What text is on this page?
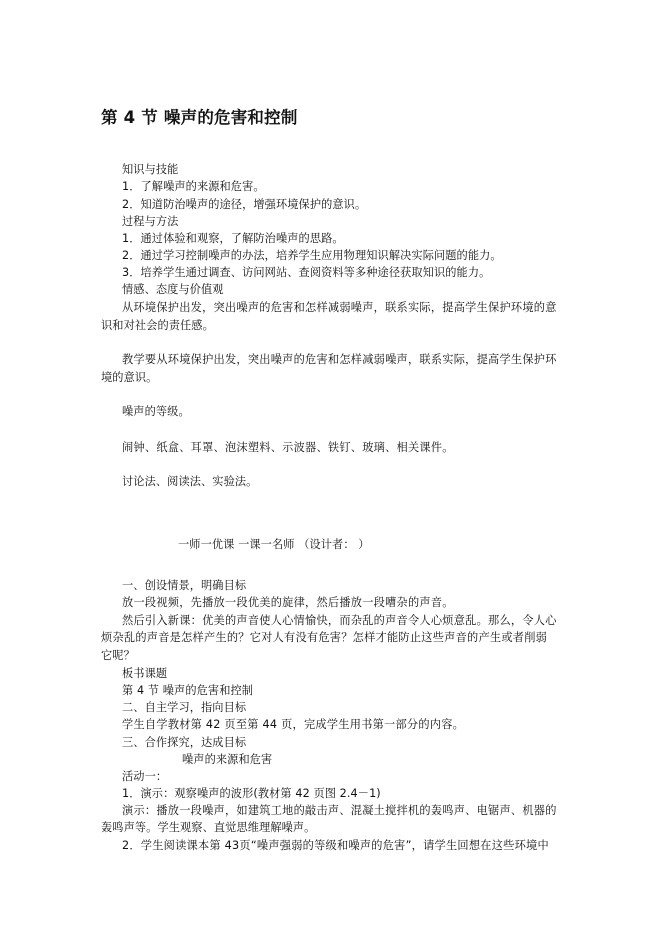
第 4 节 噪声的危害和控制
知识与技能
1．了解噪声的来源和危害。
2．知道防治噪声的途径，增强环境保护的意识。
过程与方法
1．通过体验和观察，了解防治噪声的思路。
2．通过学习控制噪声的办法，培养学生应用物理知识解决实际问题的能力。
3．培养学生通过调查、访问网站、查阅资料等多种途径获取知识的能力。
情感、态度与价值观
从环境保护出发，突出噪声的危害和怎样减弱噪声，联系实际，提高学生保护环境的意
识和对社会的责任感。
教学要从环境保护出发，突出噪声的危害和怎样减弱噪声，联系实际，提高学生保护环
境的意识。
噪声的等级。
闹钟、纸盒、耳罩、泡沫塑料、示波器、铁钉、玻璃、相关课件。
讨论法、阅读法、实验法。
一师一优课 一课一名师 （设计者： ）
一、创设情景，明确目标
放一段视频，先播放一段优美的旋律，然后播放一段嘈杂的声音。
然后引入新课：优美的声音使人心情愉快，而杂乱的声音令人心烦意乱。那么，令人心
烦杂乱的声音是怎样产生的？它对人有没有危害？怎样才能防止这些声音的产生或者削弱
它呢？
板书课题
第 4 节 噪声的危害和控制
二、自主学习，指向目标
学生自学教材第 42 页至第 44 页，完成学生用书第一部分的内容。
三、合作探究，达成目标
噪声的来源和危害
活动一：
1．演示：观察噪声的波形(教材第 42 页图 2.4－1)
演示：播放一段噪声，如建筑工地的敲击声、混凝土搅拌机的轰鸣声、电锯声、机器的
轰鸣声等。学生观察、直觉思维理解噪声。
2．学生阅读课本第 43页“噪声强弱的等级和噪声的危害”，请学生回想在这些环境中
